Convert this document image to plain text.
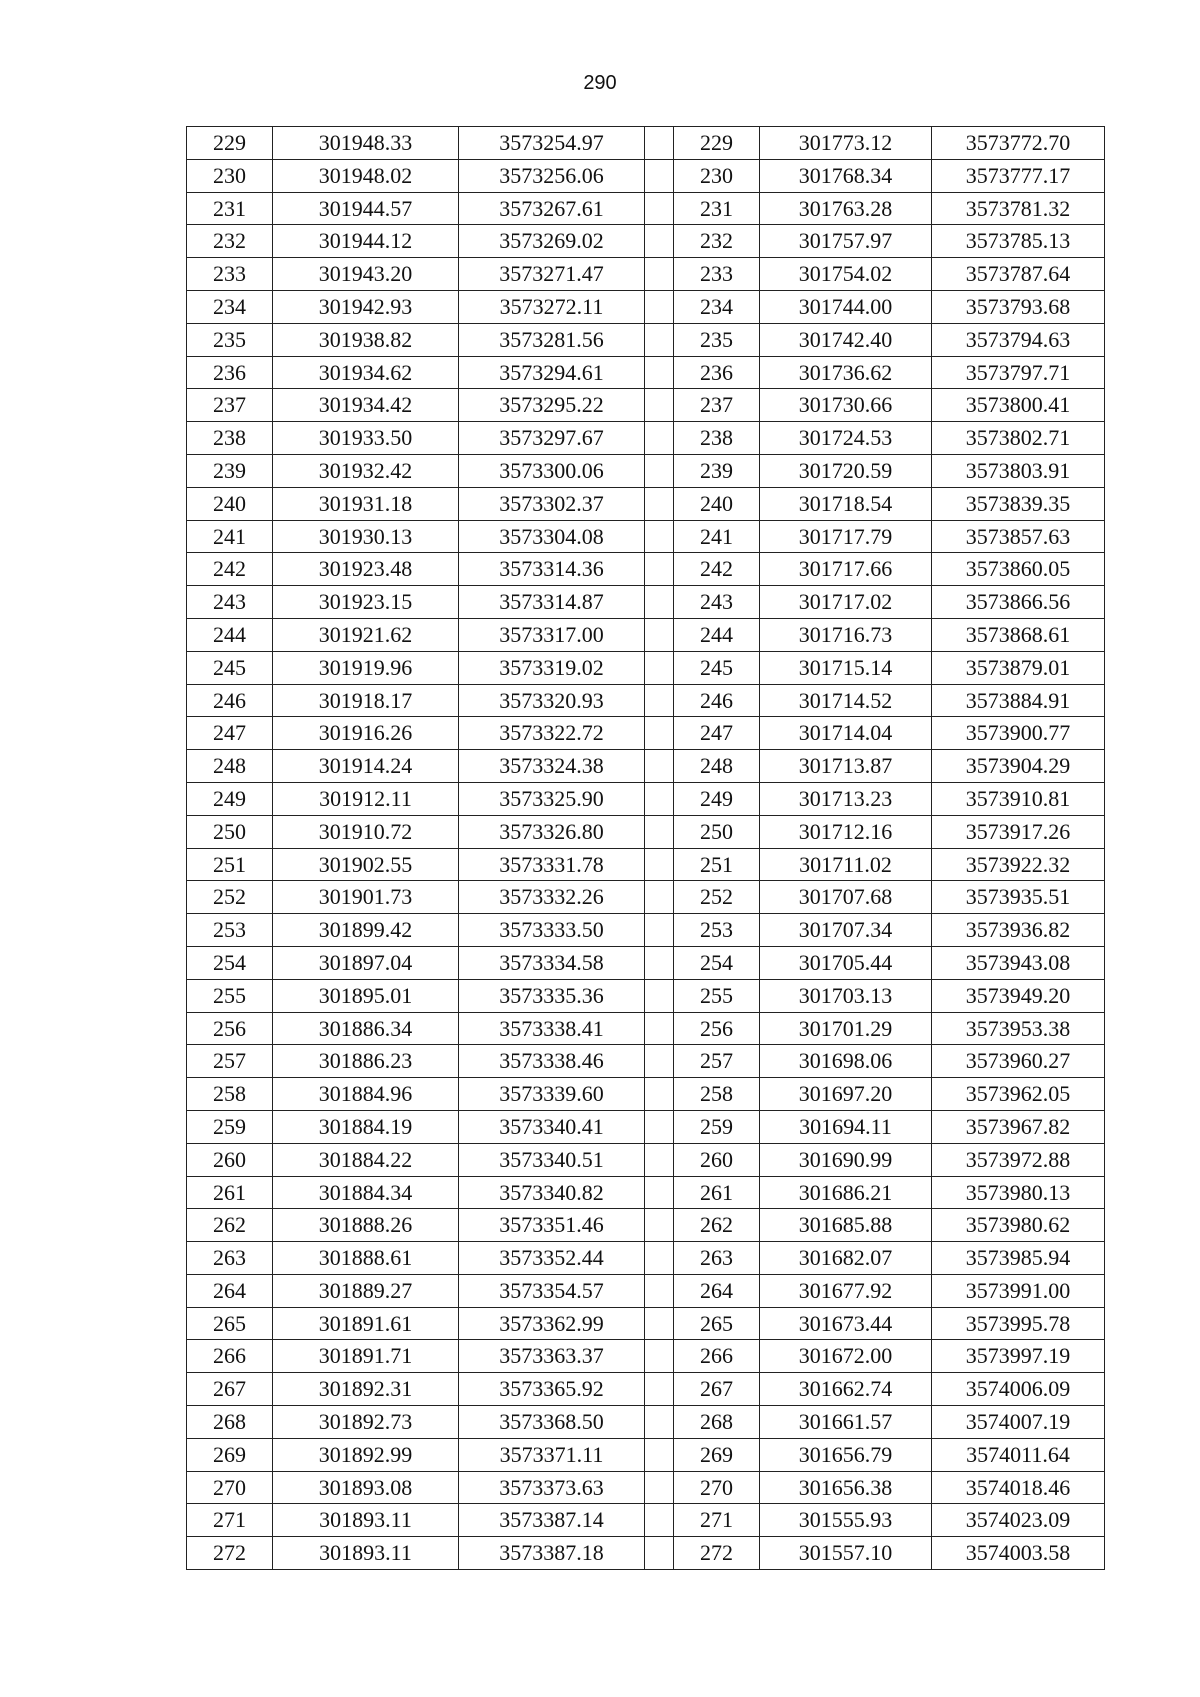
290
229	301948.33	3573254.97		229	301773.12	3573772.70
230	301948.02	3573256.06		230	301768.34	3573777.17
231	301944.57	3573267.61		231	301763.28	3573781.32
232	301944.12	3573269.02		232	301757.97	3573785.13
233	301943.20	3573271.47		233	301754.02	3573787.64
234	301942.93	3573272.11		234	301744.00	3573793.68
235	301938.82	3573281.56		235	301742.40	3573794.63
236	301934.62	3573294.61		236	301736.62	3573797.71
237	301934.42	3573295.22		237	301730.66	3573800.41
238	301933.50	3573297.67		238	301724.53	3573802.71
239	301932.42	3573300.06		239	301720.59	3573803.91
240	301931.18	3573302.37		240	301718.54	3573839.35
241	301930.13	3573304.08		241	301717.79	3573857.63
242	301923.48	3573314.36		242	301717.66	3573860.05
243	301923.15	3573314.87		243	301717.02	3573866.56
244	301921.62	3573317.00		244	301716.73	3573868.61
245	301919.96	3573319.02		245	301715.14	3573879.01
246	301918.17	3573320.93		246	301714.52	3573884.91
247	301916.26	3573322.72		247	301714.04	3573900.77
248	301914.24	3573324.38		248	301713.87	3573904.29
249	301912.11	3573325.90		249	301713.23	3573910.81
250	301910.72	3573326.80		250	301712.16	3573917.26
251	301902.55	3573331.78		251	301711.02	3573922.32
252	301901.73	3573332.26		252	301707.68	3573935.51
253	301899.42	3573333.50		253	301707.34	3573936.82
254	301897.04	3573334.58		254	301705.44	3573943.08
255	301895.01	3573335.36		255	301703.13	3573949.20
256	301886.34	3573338.41		256	301701.29	3573953.38
257	301886.23	3573338.46		257	301698.06	3573960.27
258	301884.96	3573339.60		258	301697.20	3573962.05
259	301884.19	3573340.41		259	301694.11	3573967.82
260	301884.22	3573340.51		260	301690.99	3573972.88
261	301884.34	3573340.82		261	301686.21	3573980.13
262	301888.26	3573351.46		262	301685.88	3573980.62
263	301888.61	3573352.44		263	301682.07	3573985.94
264	301889.27	3573354.57		264	301677.92	3573991.00
265	301891.61	3573362.99		265	301673.44	3573995.78
266	301891.71	3573363.37		266	301672.00	3573997.19
267	301892.31	3573365.92		267	301662.74	3574006.09
268	301892.73	3573368.50		268	301661.57	3574007.19
269	301892.99	3573371.11		269	301656.79	3574011.64
270	301893.08	3573373.63		270	301656.38	3574018.46
271	301893.11	3573387.14		271	301555.93	3574023.09
272	301893.11	3573387.18		272	301557.10	3574003.58
